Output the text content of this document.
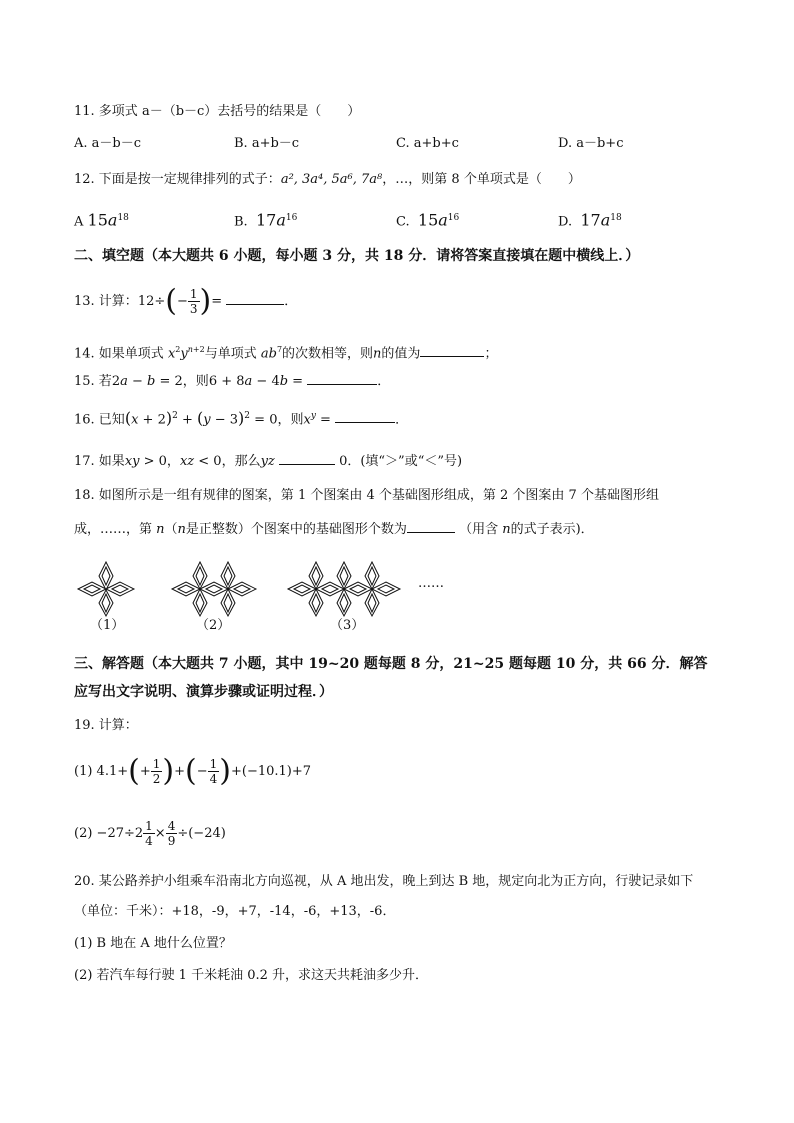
11. 多项式 a－（b－c）去括号的结果是（　　）
A. a－b－c	B. a+b－c	C. a+b+c	D. a－b+c
12. 下面是按一定规律排列的式子：a², 3a⁴, 5a⁶, 7a⁸，…，则第 8 个单项式是（　　）
A $15a^{18}$	B. $17a^{16}$	C. $15a^{16}$	D. $17a^{18}$
二、填空题（本大题共 6 小题，每小题 3 分，共 18 分．请将答案直接填在题中横线上．）
13. 计算：$12\div(- \frac{1}{3}$ )=	．
14. 如果单项式 $x^2y^{n+2}$与单项式 $ab^7$的次数相等，则n的值为	；
15. 若2a − b = 2，则6 + 8a − 4b =	．
16. 已知$(x + 2)^2 + (y - 3)^2 = 0$，则$x^y$ =	．
17. 如果xy > 0，xz < 0，那么yz	0．(填“＞”或“＜”号)
18. 如图所示是一组有规律的图案，第 1 个图案由 4 个基础图形组成，第 2 个图案由 7 个基础图形组
成，……，第 n（n是正整数）个图案中的基础图形个数为	（用含 n的式子表示)．
……
（1）	（2）	（3）
三、解答题（本大题共 7 小题，其中 19~20 题每题 8 分，21~25 题每题 10 分，共 66 分．解答
应写出文字说明、演算步骤或证明过程．）
19. 计算：
(1) $4.1+(+ \frac{1}{2}$ )+(− $\frac{1}{4} )+(-10.1)+7$
$(2) -27\div 2 \frac{1}{4} \times \frac{4}{9} \div(-24)$
20. 某公路养护小组乘车沿南北方向巡视，从 A 地出发，晚上到达 B 地，规定向北为正方向，行驶记录如下
（单位：千米）：+18，-9，+7，-14，-6，+13，-6．
(1) B 地在 A 地什么位置？
(2) 若汽车每行驶 1 千米耗油 0.2 升，求这天共耗油多少升．
